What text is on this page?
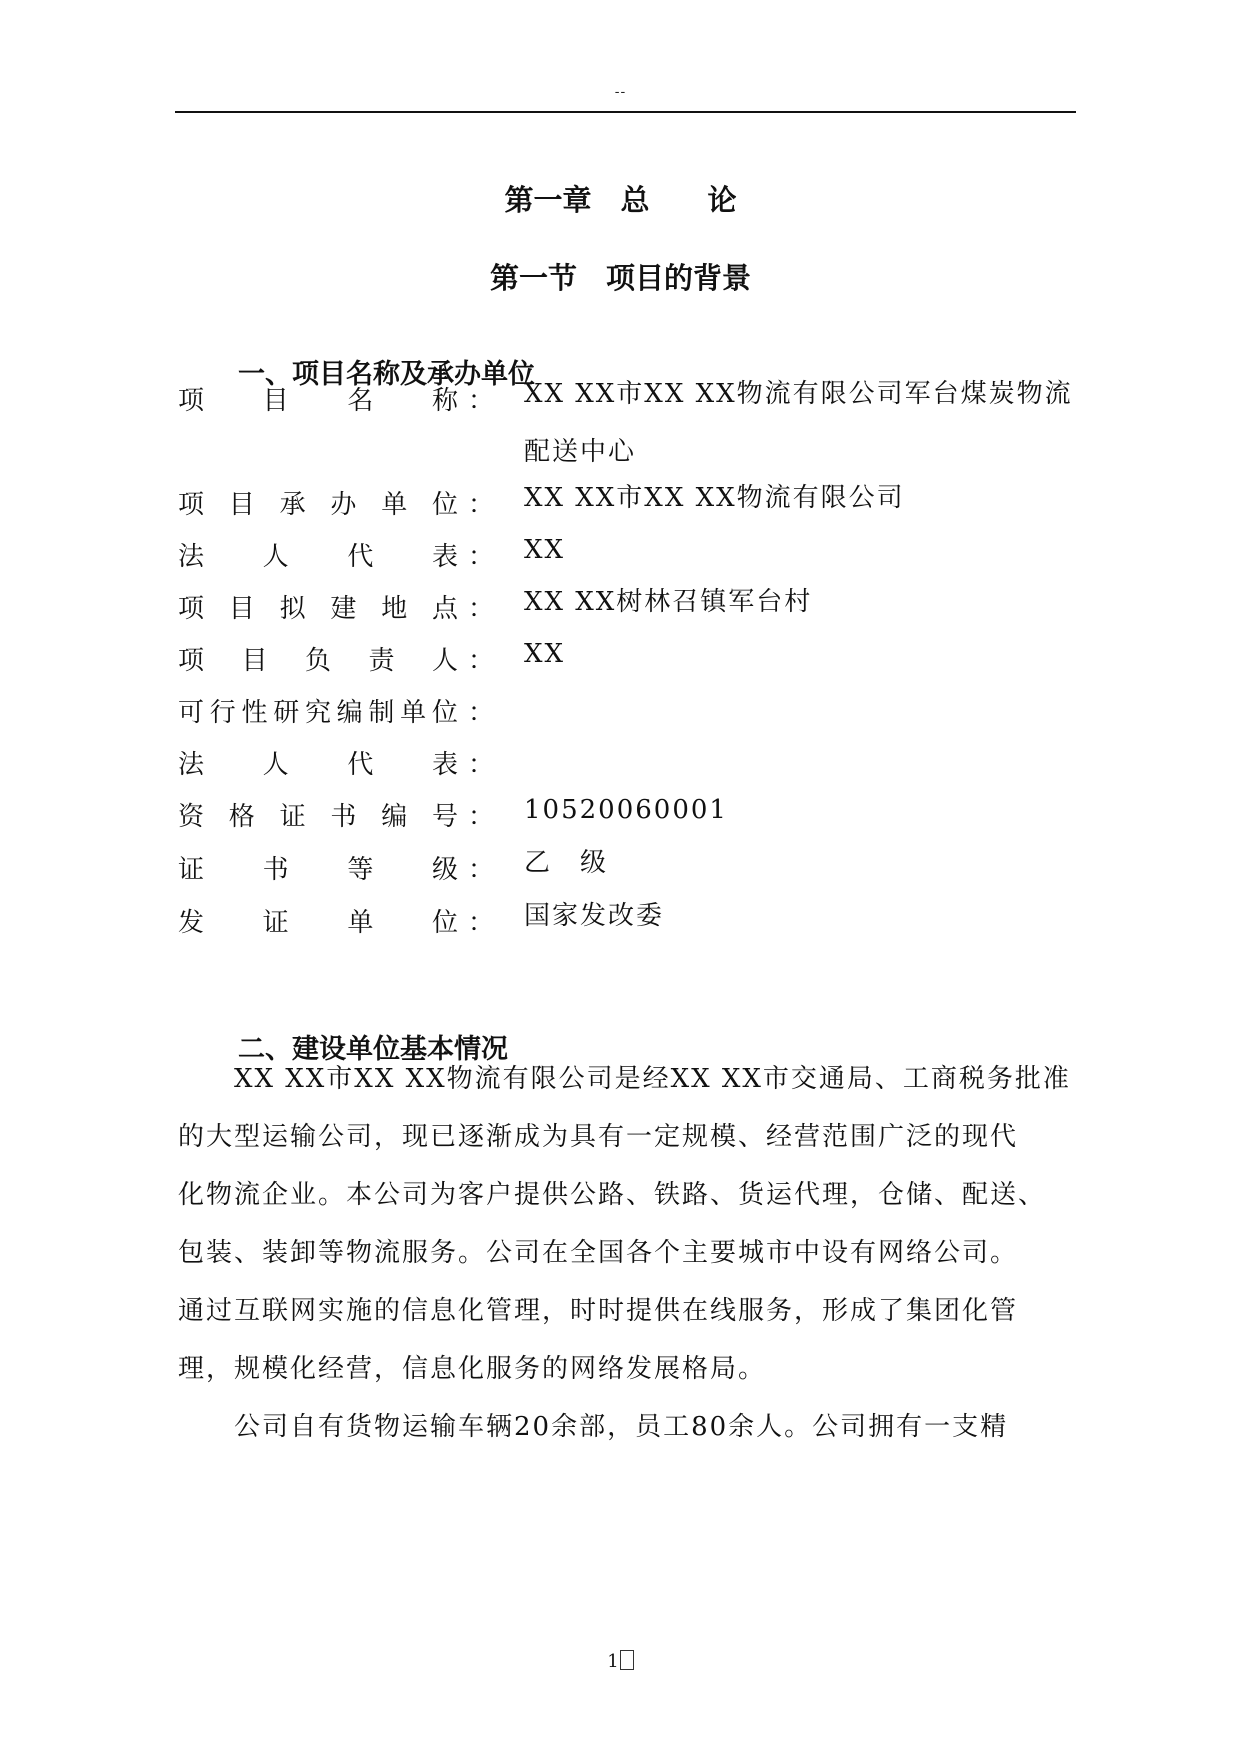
--
第一章　总　　论
第一节　项目的背景
一、项目名称及承办单位
项 目 名 称 ： XX XX市XX XX物流有限公司军台煤炭物流配送中心
项 目 承 办 单 位 ： XX XX市XX XX物流有限公司
法 人 代 表 ： XX
项 目 拟 建 地 点 ： XX XX树林召镇军台村
项 目 负 责 人 ： XX
可 行 性 研 究 编 制 单 位 ：
法 人 代 表 ：
资 格 证 书 编 号 ： 10520060001
证 书 等 级 ： 乙　级
发 证 单 位 ： 国家发改委
二、建设单位基本情况
　　XX XX市XX XX物流有限公司是经XX XX市交通局、工商税务批准
的大型运输公司，现已逐渐成为具有一定规模、经营范围广泛的现代
化物流企业。本公司为客户提供公路、铁路、货运代理，仓储、配送、
包装、装卸等物流服务。公司在全国各个主要城市中设有网络公司。
通过互联网实施的信息化管理，时时提供在线服务，形成了集团化管
理，规模化经营，信息化服务的网络发展格局。
　　公司自有货物运输车辆20余部，员工80余人。公司拥有一支精
1
